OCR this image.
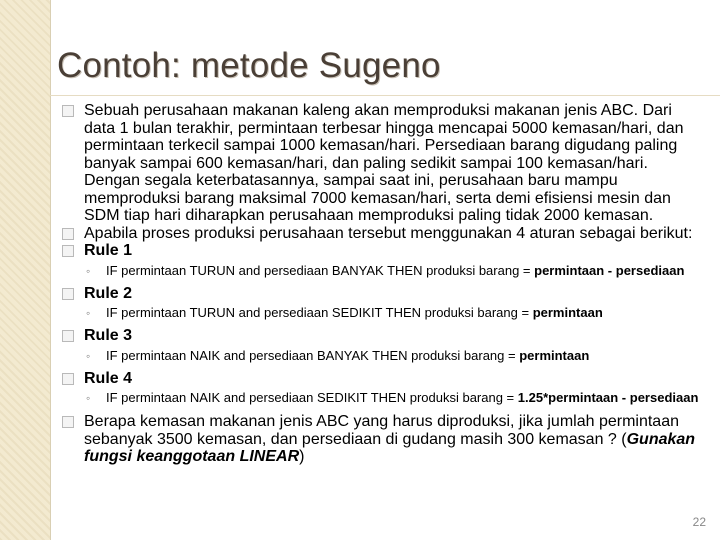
Contoh: metode Sugeno
Sebuah perusahaan makanan kaleng akan memproduksi makanan jenis ABC. Dari data 1 bulan terakhir, permintaan terbesar hingga mencapai 5000 kemasan/hari, dan permintaan terkecil sampai 1000 kemasan/hari. Persediaan barang digudang paling banyak sampai 600 kemasan/hari, dan paling sedikit sampai 100 kemasan/hari. Dengan segala keterbatasannya, sampai saat ini, perusahaan baru mampu memproduksi barang maksimal 7000 kemasan/hari, serta demi efisiensi mesin dan SDM tiap hari diharapkan perusahaan memproduksi paling tidak 2000 kemasan.
Apabila proses produksi perusahaan tersebut menggunakan 4 aturan sebagai berikut:
Rule 1
◦ IF permintaan TURUN and persediaan BANYAK THEN produksi barang = permintaan - persediaan
Rule 2
◦ IF permintaan TURUN and persediaan SEDIKIT THEN produksi barang = permintaan
Rule 3
◦ IF permintaan NAIK and persediaan BANYAK THEN produksi barang = permintaan
Rule 4
◦ IF permintaan NAIK and persediaan SEDIKIT THEN produksi barang = 1.25*permintaan - persediaan
Berapa kemasan makanan jenis ABC yang harus diproduksi, jika jumlah permintaan sebanyak 3500 kemasan, dan persediaan di gudang masih 300 kemasan ? (Gunakan fungsi keanggotaan LINEAR)
22
